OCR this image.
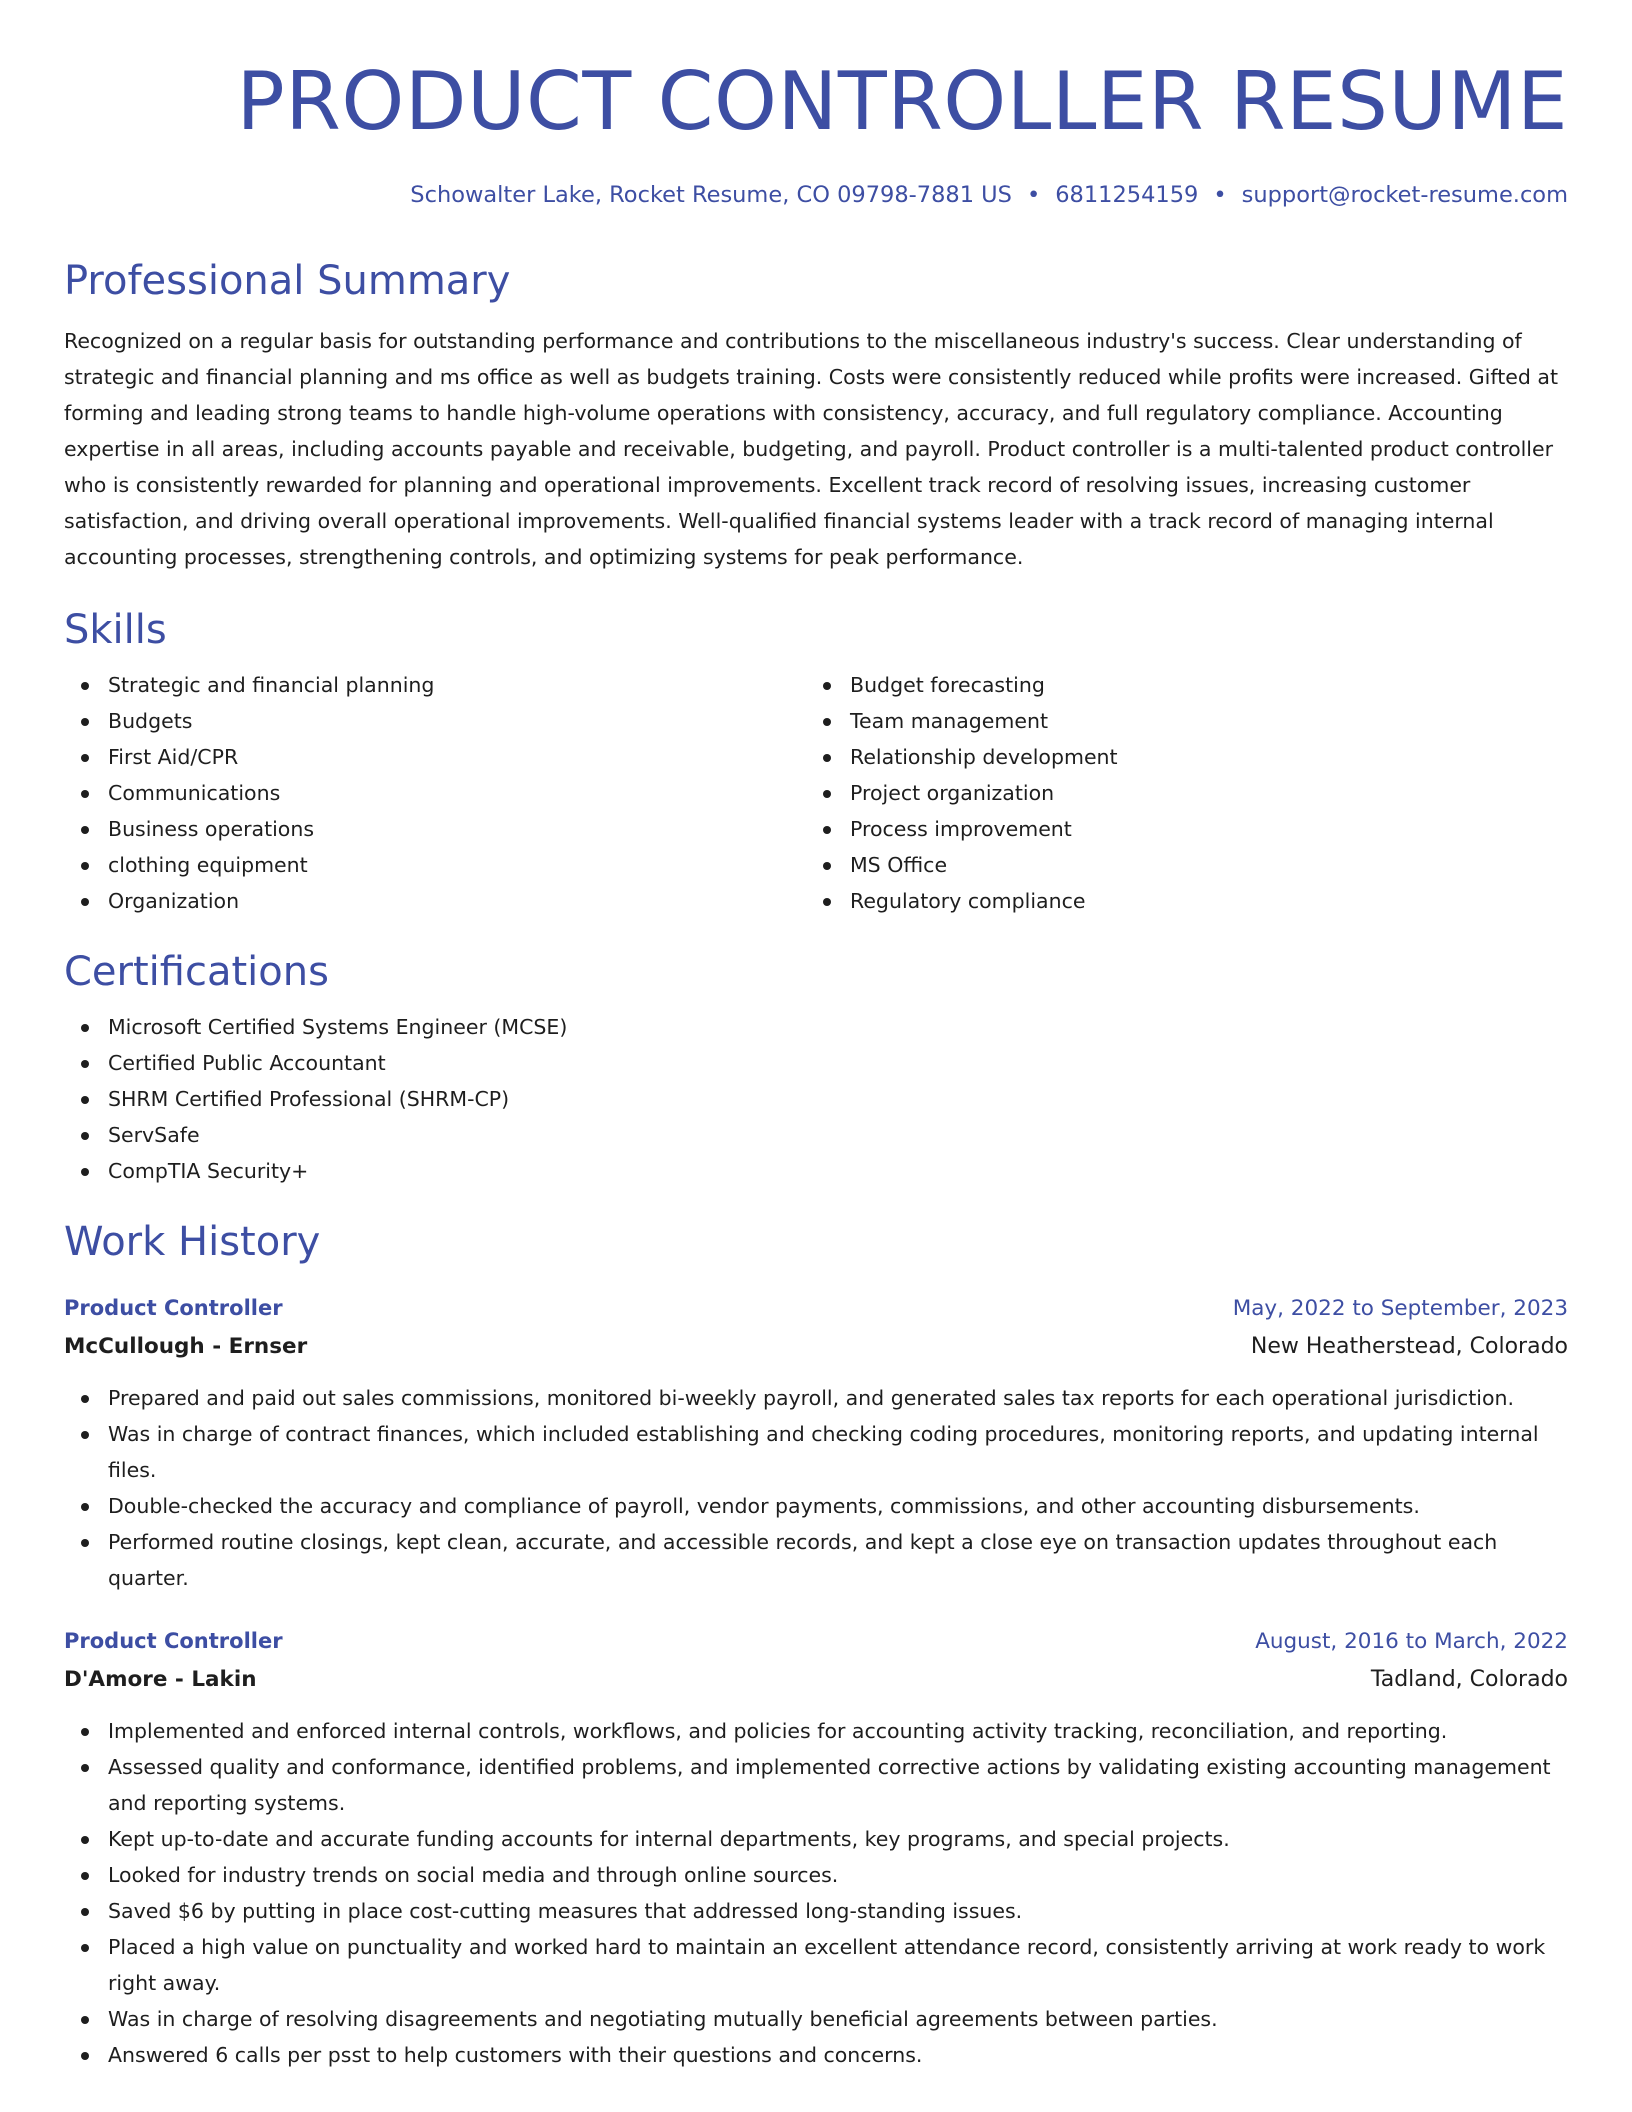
PRODUCT CONTROLLER RESUME
Schowalter Lake, Rocket Resume, CO 09798-7881 US • 6811254159 • support@rocket-resume.com
Professional Summary

Recognized on a regular basis for outstanding performance and contributions to the miscellaneous industry's success. Clear understanding of strategic and financial planning and ms office as well as budgets training. Costs were consistently reduced while profits were increased. Gifted at forming and leading strong teams to handle high-volume operations with consistency, accuracy, and full regulatory compliance. Accounting expertise in all areas, including accounts payable and receivable, budgeting, and payroll. Product controller is a multi-talented product controller who is consistently rewarded for planning and operational improvements. Excellent track record of resolving issues, increasing customer satisfaction, and driving overall operational improvements. Well-qualified financial systems leader with a track record of managing internal accounting processes, strengthening controls, and optimizing systems for peak performance.

Skills
Strategic and financial planning
Budgets
First Aid/CPR
Communications
Business operations
clothing equipment
Organization
Budget forecasting
Team management
Relationship development
Project organization
Process improvement
MS Office
Regulatory compliance
Certifications
Microsoft Certified Systems Engineer (MCSE)
Certified Public Accountant
SHRM Certified Professional (SHRM-CP)
ServSafe
CompTIA Security+
Work History
Product Controller	May, 2022 to September, 2023
McCullough - Ernser	New Heatherstead, Colorado
Prepared and paid out sales commissions, monitored bi-weekly payroll, and generated sales tax reports for each operational jurisdiction.
Was in charge of contract finances, which included establishing and checking coding procedures, monitoring reports, and updating internal files.
Double-checked the accuracy and compliance of payroll, vendor payments, commissions, and other accounting disbursements.
Performed routine closings, kept clean, accurate, and accessible records, and kept a close eye on transaction updates throughout each quarter.
Product Controller	August, 2016 to March, 2022
D'Amore - Lakin	Tadland, Colorado
Implemented and enforced internal controls, workflows, and policies for accounting activity tracking, reconciliation, and reporting.
Assessed quality and conformance, identified problems, and implemented corrective actions by validating existing accounting management and reporting systems.
Kept up-to-date and accurate funding accounts for internal departments, key programs, and special projects.
Looked for industry trends on social media and through online sources.
Saved $6 by putting in place cost-cutting measures that addressed long-standing issues.
Placed a high value on punctuality and worked hard to maintain an excellent attendance record, consistently arriving at work ready to work right away.
Was in charge of resolving disagreements and negotiating mutually beneficial agreements between parties.
Answered 6 calls per psst to help customers with their questions and concerns.
